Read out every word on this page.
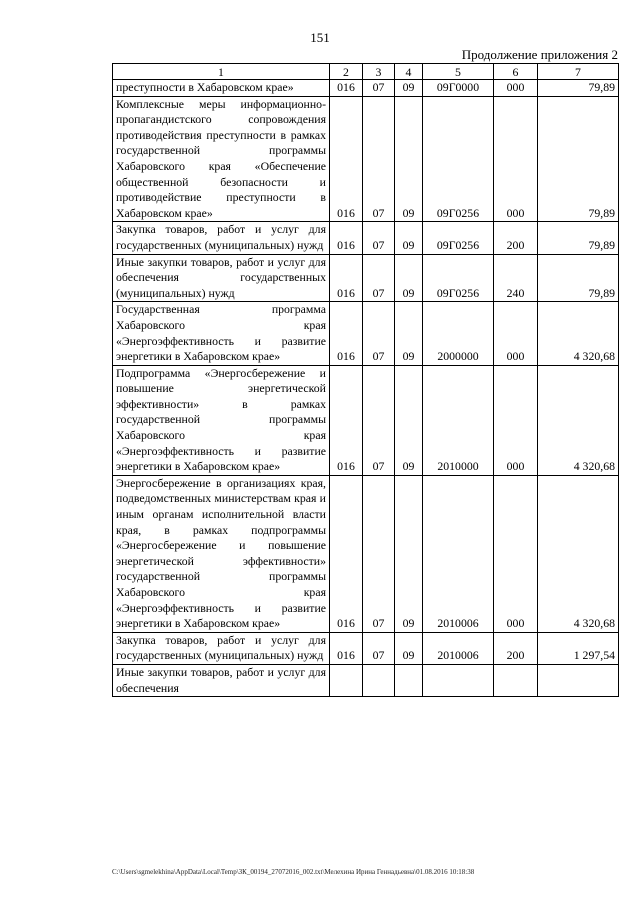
151
Продолжение приложения 2
1	2	3	4	5	6	7
преступности в Хабаровском крае»	016	07	09	09Г0000	000	79,89
Комплексные меры информационно-пропагандистского сопровождения противодействия преступности в рамках государственной программы Хабаровского края «Обеспечение общественной безопасности и противодействие преступности в Хабаровском крае»	016	07	09	09Г0256	000	79,89
Закупка товаров, работ и услуг для государственных (муниципальных) нужд	016	07	09	09Г0256	200	79,89
Иные закупки товаров, работ и услуг для обеспечения государственных (муниципальных) нужд	016	07	09	09Г0256	240	79,89
Государственная программа Хабаровского края «Энергоэффективность и развитие энергетики в Хабаровском крае»	016	07	09	2000000	000	4 320,68
Подпрограмма «Энергосбережение и повышение энергетической эффективности» в рамках государственной программы Хабаровского края «Энергоэффективность и развитие энергетики в Хабаровском крае»	016	07	09	2010000	000	4 320,68
Энергосбережение в организациях края, подведомственных министерствам края и иным органам исполнительной власти края, в рамках подпрограммы «Энергосбережение и повышение энергетической эффективности» государственной программы Хабаровского края «Энергоэффективность и развитие энергетики в Хабаровском крае»	016	07	09	2010006	000	4 320,68
Закупка товаров, работ и услуг для государственных (муниципальных) нужд	016	07	09	2010006	200	1 297,54
Иные закупки товаров, работ и услуг для обеспечения						
C:\Users\sgmelekhina\AppData\Local\Temp\ЗК_00194_27072016_002.txt\Мелехина Ирина Геннадьевна\01.08.2016 10:18:38
